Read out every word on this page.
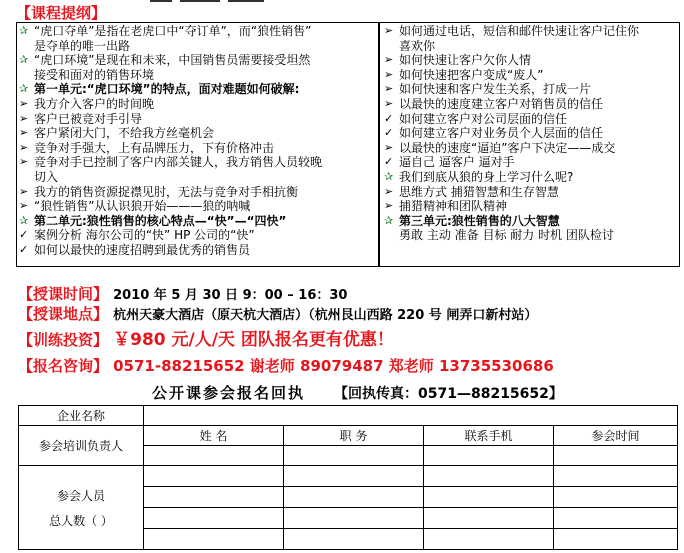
【课程提纲】
✰ “虎口夺单”是指在老虎口中“夺订单”，而“狼性销售”
是夺单的唯一出路
✰ “虎口环境”是现在和未来，中国销售员需要接受坦然
接受和面对的销售环境
✰ 第一单元:“虎口环境”的特点，面对难题如何破解:
➢ 我方介入客户的时间晚
➢ 客户已被竞对手引导
➢ 客户紧闭大门，不给我方丝毫机会
➢ 竞争对手强大，上有品牌压力，下有价格冲击
➢ 竞争对手已控制了客户内部关键人，我方销售人员较晚
切入
➢ 我方的销售资源捉襟见肘，无法与竞争对手相抗衡
➢ “狼性销售”从认识狼开始———狼的呐喊
✰ 第二单元:狼性销售的核心特点—“快”—“四快”
✓ 案例分析 海尔公司的“快” HP 公司的“快”
✓ 如何以最快的速度招聘到最优秀的销售员
➢ 如何通过电话，短信和邮件快速让客户记住你
喜欢你
➢ 如何快速让客户欠你人情
➢ 如何快速把客户变成“废人”
➢ 如何快速和客户发生关系，打成一片
➢ 以最快的速度建立客户对销售员的信任
✓ 如何建立客户对公司层面的信任
✓ 如何建立客户对业务员个人层面的信任
➢ 以最快的速度“逼迫”客户下决定——成交
✓ 逼自己 逼客户 逼对手
✰ 我们到底从狼的身上学习什么呢?
➢ 思维方式 捕猎智慧和生存智慧
➢ 捕猎精神和团队精神
✰ 第三单元:狼性销售的八大智慧
勇敢 主动 准备 目标 耐力 时机 团队检讨
【授课时间】 2010 年 5 月 30 日 9：00 – 16：30
【授课地点】 杭州天豪大酒店（原天杭大酒店）（杭州艮山西路 220 号 闸弄口新村站）
【训练投资】 ￥980 元/人/天 团队报名更有优惠！
【报名咨询】 0571-88215652 谢老师 89079487 郑老师 13735530686
公开课参会报名回执 【回执传真：0571—88215652】
企业名称				
参会培训负责人	姓 名	职 务	联系手机	参会时间

参会人员
总人数（ ）				
